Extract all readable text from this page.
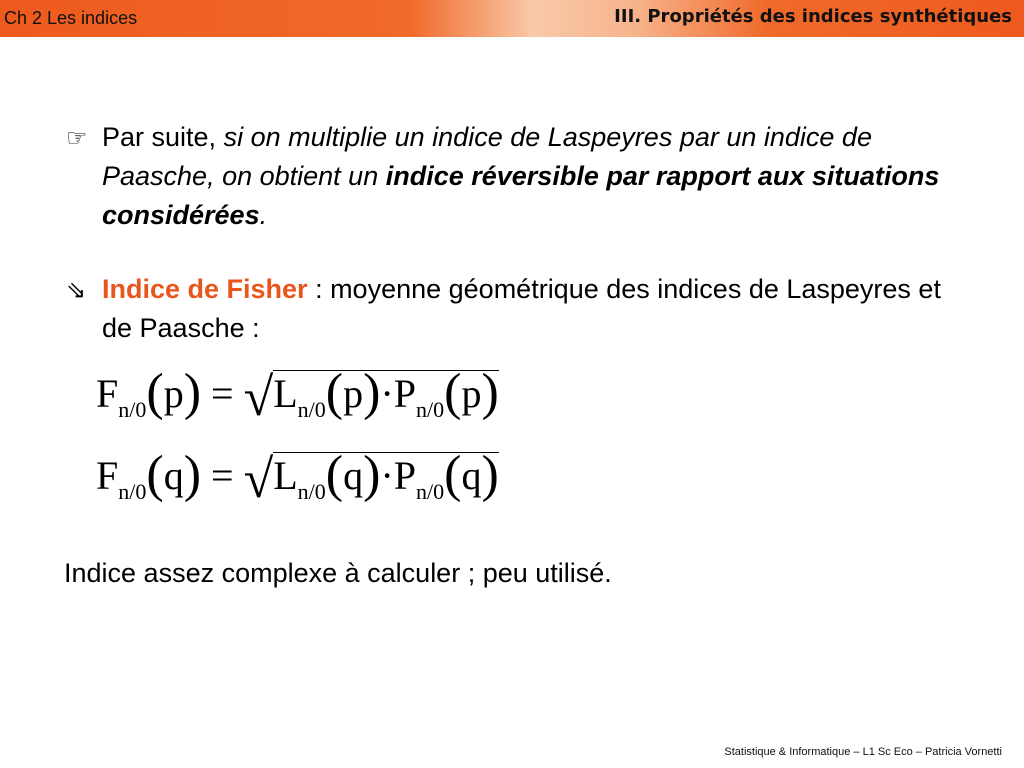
Ch 2 Les indices	III. Propriétés des indices synthétiques
☞ Par suite, si on multiplie un indice de Laspeyres par un indice de Paasche, on obtient un indice réversible par rapport aux situations considérées.
⇘ Indice de Fisher : moyenne géométrique des indices de Laspeyres et de Paasche :
$F_{n/0}(p) = √L_{n/0}(p)\cdot P_{n/0}(p)$
$F_{n/0}(q) = √L_{n/0}(q)\cdot P_{n/0}(q)$
Indice assez complexe à calculer ; peu utilisé.
Statistique & Informatique – L1 Sc Eco – Patricia Vornetti
